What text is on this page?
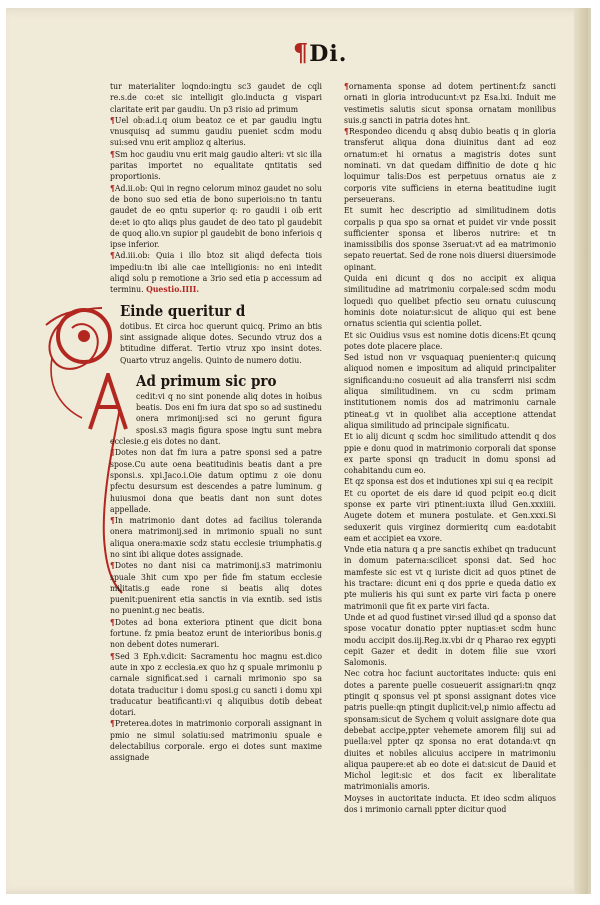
¶Di.

tur materialiter loqndo:ingtu sc3 gaudet de cqli re.s.de co:et sic intelligit glo.inducta g vispari claritate erit par gaudiu. Un p3 risio ad primum

¶Uel ob:ad.i.q oium beatoz ce et par gaudiu ingtu vnusquisq ad summu gaudiu pueniet scdm modu sui:sed vnu erit amplioz q alterius.

¶Sm hoc gaudiu vnu erit maig gaudio alteri: vt sic illa paritas importet no equalitate qntitatis sed proportionis.

¶Ad.ii.ob: Qui in regno celorum minoz gaudet no solu de bono suo sed etia de bono superiois:no tn tantu gaudet de eo qntu superior q: ro gaudii i oib erit de:et io qto aliqs plus gaudet de deo tato pl gaudebit de quoq alio.vn supior pl gaudebit de bono inferiois q ipse inferior.

¶Ad.iii.ob: Quia i illo btoz sit aliqd defecta tiois impediu:tn ibi alie cae intelligionis: no eni intedit aliqd solu p remotione a 3rio sed etia p accessum ad terminu. Questio.IIII.

Einde queritur d

dotibus. Et circa hoc querunt quicq. Primo an btis sint assignade alique dotes. Secundo vtruz dos a btitudine differat. Tertio vtruz xpo insint dotes. Quarto vtruz angelis. Quinto de numero dotiu.

Ad primum sic pro

cedit:vi q no sint ponende aliq dotes in hoibus beatis. Dos eni fm iura dat spo so ad sustinedu onera mrimonij:sed sci no gerunt figura sposi.s3 magis figura spose ingtu sunt mebra ecclesie.g eis dotes no dant.

¶Dotes non dat fm iura a patre sponsi sed a patre spose.Cu aute oena beatitudinis beatis dant a pre sponsi.s. xpi.Jaco.i.Oie datum optimu z oie donu pfectu desursum est descendes a patre luminum. g huiusmoi dona que beatis dant non sunt dotes appellade.

¶In matrimonio dant dotes ad facilius toleranda onera matrimonij.sed in mrimonio spuali no sunt aliqua onera:maxie scdz statu ecclesie triumphatis.g no sint ibi alique dotes assignade.

¶Dotes no dant nisi ca matrimonij.s3 matrimoniu spuale 3hit cum xpo per fide fm statum ecclesie militatis.g eade rone si beatis aliq dotes puenit:puenirent etia sanctis in via exntib. sed istis no puenint.g nec beatis.

¶Dotes ad bona exteriora ptinent que dicit bona fortune. fz pmia beatoz erunt de interioribus bonis.g non debent dotes numerari.

¶Sed 3 Eph.v.dicit: Sacramentu hoc magnu est.dico aute in xpo z ecclesia.ex quo hz q spuale mrimoniu p carnale significat.sed i carnali mrimonio spo sa dotata traducitur i domu sposi.g cu sancti i domu xpi traducatur beatificanti:vi q aliquibus dotib debeat dotari.

¶Preterea.dotes in matrimonio corporali assignant in pmio ne simul solatiu:sed matrimoniu spuale e delectabilius corporale. ergo ei dotes sunt maxime assignade

¶ornamenta sponse ad dotem pertinent:fz sancti ornati in gloria introducunt:vt pz Esa.lxi. Induit me vestimetis salutis sicut sponsa ornatam monilibus suis.g sancti in patria dotes hnt.

¶Respondeo dicendu q absq dubio beatis q in gloria transferut aliqua dona diuinitus dant ad eoz ornatum:et hi ornatus a magistris dotes sunt nominati. vn dat quedam diffinitio de dote q hic loquimur talis:Dos est perpetuus ornatus aie z corporis vite sufficiens in eterna beatitudine iugit perseuerans.

Et sumit hec descriptio ad similitudinem dotis corpalis p qua spo sa ornat et puidet vir vnde possit sufficienter sponsa et liberos nutrire: et tn inamissibilis dos sponse 3seruat:vt ad ea matrimonio sepato reuertat. Sed de rone nois diuersi diuersimode opinant.

Quida eni dicunt q dos no accipit ex aliqua similitudine ad matrimoniu corpale:sed scdm modu loquedi quo quelibet pfectio seu ornatu cuiuscunq hominis dote noiatur:sicut de aliquo qui est bene ornatus scientia qui scientia pollet.

Et sic Ouidius vsus est nomine dotis dicens:Et qcunq potes dote placere place.

Sed istud non vr vsquaquaq puenienter:q quicunq aliquod nomen e impositum ad aliquid principaliter significandu:no cosueuit ad alia transferri nisi scdm aliqua similitudinem. vn cu scdm primam institutionem nomis dos ad matrimoniu carnale ptineat.g vt in quolibet alia acceptione attendat aliqua similitudo ad principale significatu.

Et io alij dicunt q scdm hoc similitudo attendit q dos ppie e donu quod in matrimonio corporali dat sponse ex parte sponsi qn traducit in domu sponsi ad cohabitandu cum eo.

Et qz sponsa est dos et indutiones xpi sui q ea recipit

Et cu oportet de eis dare id quod pcipit eo.q dicit sponse ex parte viri ptinent:iuxta illud Gen.xxxiiii. Augete dotem et munera postulate. et Gen.xxxi.Si seduxerit quis virginez dormieritq cum ea:dotabit eam et accipiet ea vxore.

Vnde etia natura q a pre sanctis exhibet qn traducunt in domum paterna:scilicet sponsi dat. Sed hoc mamfeste sic est vt q iuriste dicit ad quos ptinet de his tractare: dicunt eni q dos pprie e queda datio ex pte mulieris his qui sunt ex parte viri facta p onere matrimonii que fit ex parte viri facta.

Unde et ad quod fustinet vir:sed illud qd a sponso dat spose vocatur donatio ppter nuptias:et scdm hunc modu accipit dos.iij.Reg.ix.vbi dr q Pharao rex egypti cepit Gazer et dedit in dotem filie sue vxori Salomonis.

Nec cotra hoc faciunt auctoritates inducte: quis eni dotes a parente puelle cosueuerit assignari:tn qnqz ptingit q sponsus vel pt sponsi assignant dotes vice patris puelle:qn ptingit duplicit:vel,p nimio affectu ad sponsam:sicut de Sychem q voluit assignare dote qua debebat accipe,ppter vehemete amorem filij sui ad puella:vel ppter qz sponsa no erat dotanda:vt qn diuites et nobiles alicuius accipere in matrimoniu aliqua paupere:et ab eo dote ei dat:sicut de Dauid et Michol legit:sic et dos facit ex liberalitate matrimonialis amoris.

Moyses in auctoritate inducta. Et ideo scdm aliquos dos i mrimonio carnali ppter dicitur quod
